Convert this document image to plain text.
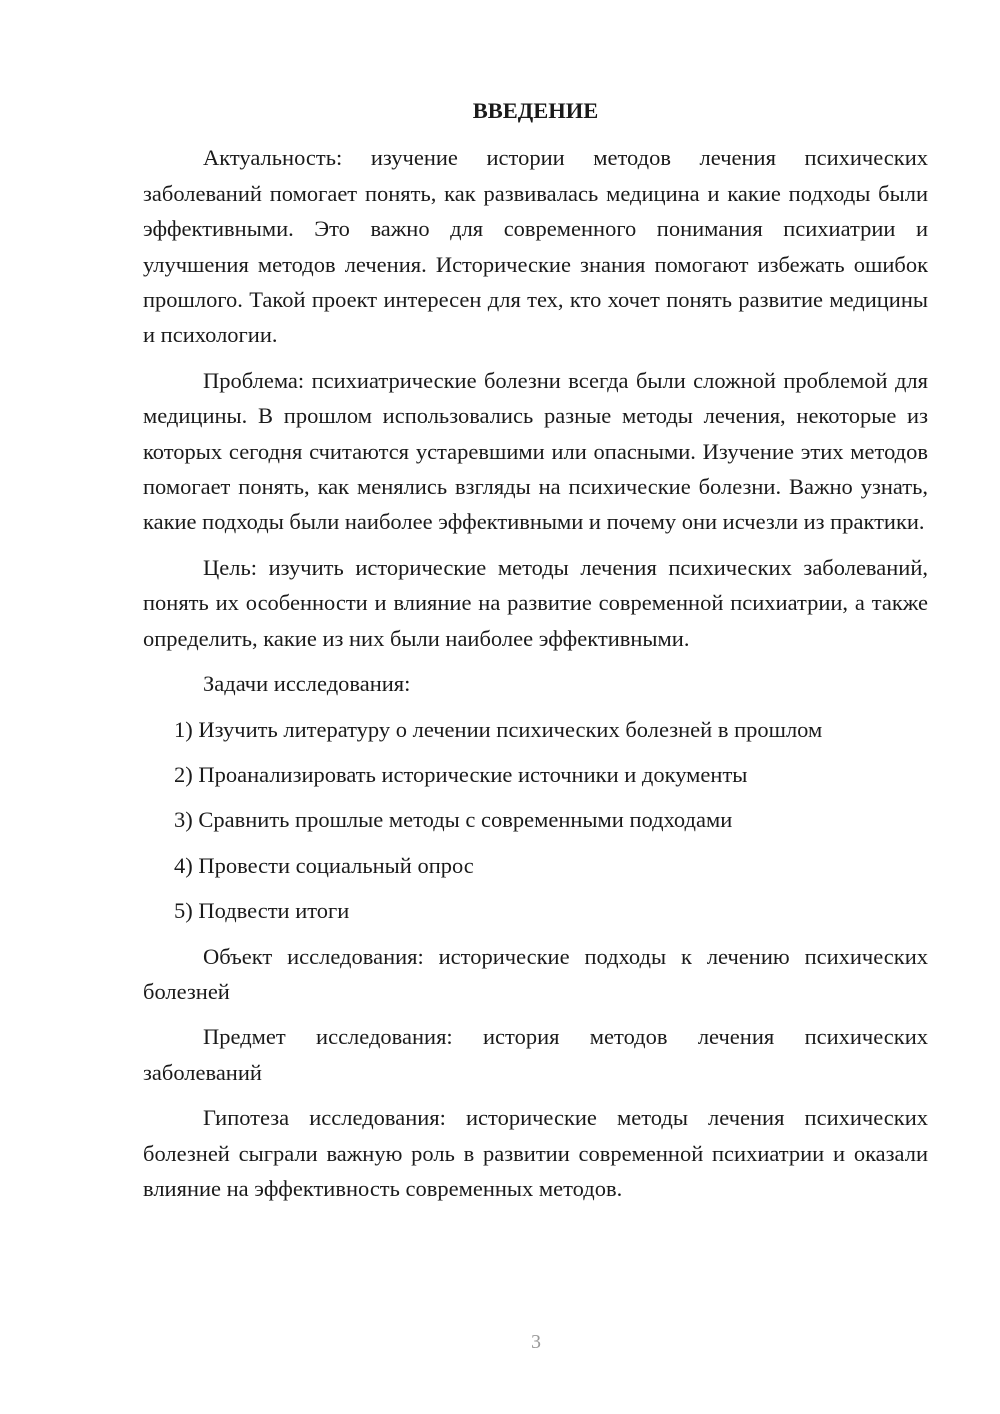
ВВЕДЕНИЕ

Актуальность: изучение истории методов лечения психических заболеваний помогает понять, как развивалась медицина и какие подходы были эффективными. Это важно для современного понимания психиатрии и улучшения методов лечения. Исторические знания помогают избежать ошибок прошлого. Такой проект интересен для тех, кто хочет понять развитие медицины и психологии.

Проблема: психиатрические болезни всегда были сложной проблемой для медицины. В прошлом использовались разные методы лечения, некоторые из которых сегодня считаются устаревшими или опасными. Изучение этих методов помогает понять, как менялись взгляды на психические болезни. Важно узнать, какие подходы были наиболее эффективными и почему они исчезли из практики.

Цель: изучить исторические методы лечения психических заболеваний, понять их особенности и влияние на развитие современной психиатрии, а также определить, какие из них были наиболее эффективными.

Задачи исследования:

1) Изучить литературу о лечении психических болезней в прошлом
2) Проанализировать исторические источники и документы
3) Сравнить прошлые методы с современными подходами
4) Провести социальный опрос
5) Подвести итоги

Объект исследования: исторические подходы к лечению психических болезней

Предмет исследования: история методов лечения психических заболеваний

Гипотеза исследования: исторические методы лечения психических болезней сыграли важную роль в развитии современной психиатрии и оказали влияние на эффективность современных методов.

3
